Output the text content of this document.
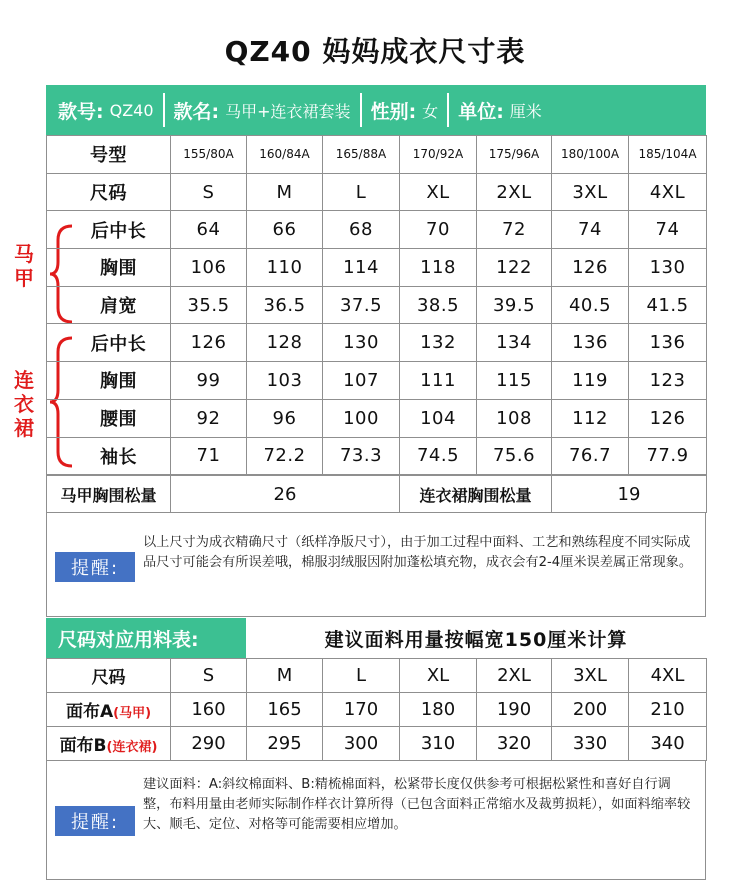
QZ40 妈妈成衣尺寸表
款号: QZ40 款名: 马甲+连衣裙套装 性别: 女 单位: 厘米
马甲
连衣裙
号型	155/80A	160/84A	165/88A	170/92A	175/96A	180/100A	185/104A
尺码	S	M	L	XL	2XL	3XL	4XL
后中长	64	66	68	70	72	74	74
胸围	106	110	114	118	122	126	130
肩宽	35.5	36.5	37.5	38.5	39.5	40.5	41.5
后中长	126	128	130	132	134	136	136
胸围	99	103	107	111	115	119	123
腰围	92	96	100	104	108	112	126
袖长	71	72.2	73.3	74.5	75.6	76.7	77.9
马甲胸围松量	26	连衣裙胸围松量	19
提醒:
以上尺寸为成衣精确尺寸（纸样净版尺寸），由于加工过程中面料、工艺和熟练程度不同实际成品尺寸可能会有所误差哦，棉服羽绒服因附加蓬松填充物，成衣会有2-4厘米误差属正常现象。
尺码对应用料表:	建议面料用量按幅宽150厘米计算
尺码	S	M	L	XL	2XL	3XL	4XL
面布A(马甲)	160	165	170	180	190	200	210
面布B(连衣裙)	290	295	300	310	320	330	340
提醒:
建议面料：A:斜纹棉面料、B:精梳棉面料，松紧带长度仅供参考可根据松紧性和喜好自行调整，布料用量由老师实际制作样衣计算所得（已包含面料正常缩水及裁剪损耗），如面料缩率较大、顺毛、定位、对格等可能需要相应增加。
